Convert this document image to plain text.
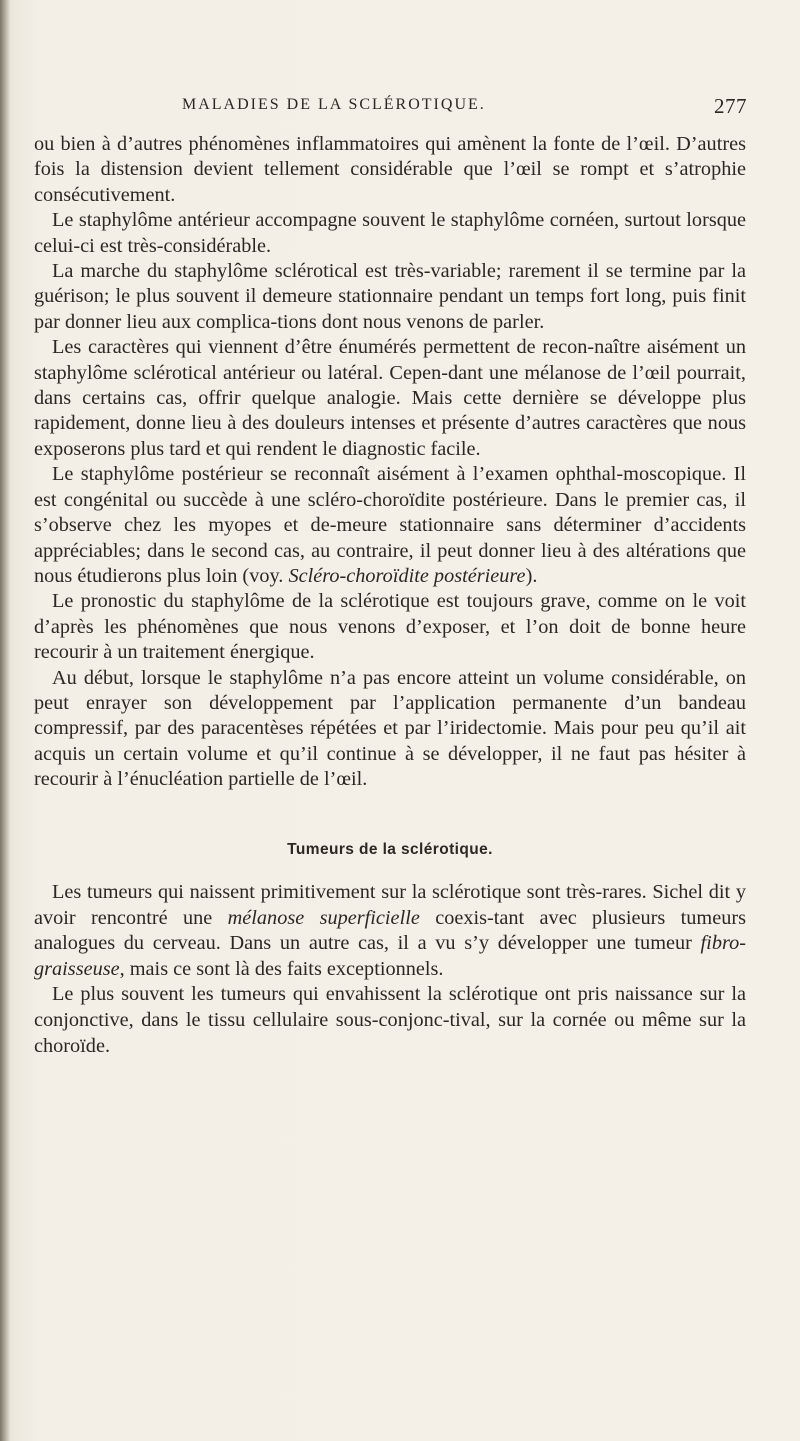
MALADIES DE LA SCLÉROTIQUE.	277

ou bien à d’autres phénomènes inflammatoires qui amènent la fonte de l’œil. D’autres fois la distension devient tellement considérable que l’œil se rompt et s’atrophie consécutivement.

Le staphylôme antérieur accompagne souvent le staphylôme cornéen, surtout lorsque celui-ci est très-considérable.

La marche du staphylôme sclérotical est très-variable; rarement il se termine par la guérison; le plus souvent il demeure stationnaire pendant un temps fort long, puis finit par donner lieu aux complica-tions dont nous venons de parler.

Les caractères qui viennent d’être énumérés permettent de recon-naître aisément un staphylôme sclérotical antérieur ou latéral. Cepen-dant une mélanose de l’œil pourrait, dans certains cas, offrir quelque analogie. Mais cette dernière se développe plus rapidement, donne lieu à des douleurs intenses et présente d’autres caractères que nous exposerons plus tard et qui rendent le diagnostic facile.

Le staphylôme postérieur se reconnaît aisément à l’examen ophthal-moscopique. Il est congénital ou succède à une scléro-choroïdite postérieure. Dans le premier cas, il s’observe chez les myopes et de-meure stationnaire sans déterminer d’accidents appréciables; dans le second cas, au contraire, il peut donner lieu à des altérations que nous étudierons plus loin (voy. Scléro-choroïdite postérieure).

Le pronostic du staphylôme de la sclérotique est toujours grave, comme on le voit d’après les phénomènes que nous venons d’exposer, et l’on doit de bonne heure recourir à un traitement énergique.

Au début, lorsque le staphylôme n’a pas encore atteint un volume considérable, on peut enrayer son développement par l’application permanente d’un bandeau compressif, par des paracentèses répétées et par l’iridectomie. Mais pour peu qu’il ait acquis un certain volume et qu’il continue à se développer, il ne faut pas hésiter à recourir à l’énucléation partielle de l’œil.

Tumeurs de la sclérotique.

Les tumeurs qui naissent primitivement sur la sclérotique sont très-rares. Sichel dit y avoir rencontré une mélanose superficielle coexis-tant avec plusieurs tumeurs analogues du cerveau. Dans un autre cas, il a vu s’y développer une tumeur fibro-graisseuse, mais ce sont là des faits exceptionnels.

Le plus souvent les tumeurs qui envahissent la sclérotique ont pris naissance sur la conjonctive, dans le tissu cellulaire sous-conjonc-tival, sur la cornée ou même sur la choroïde.
